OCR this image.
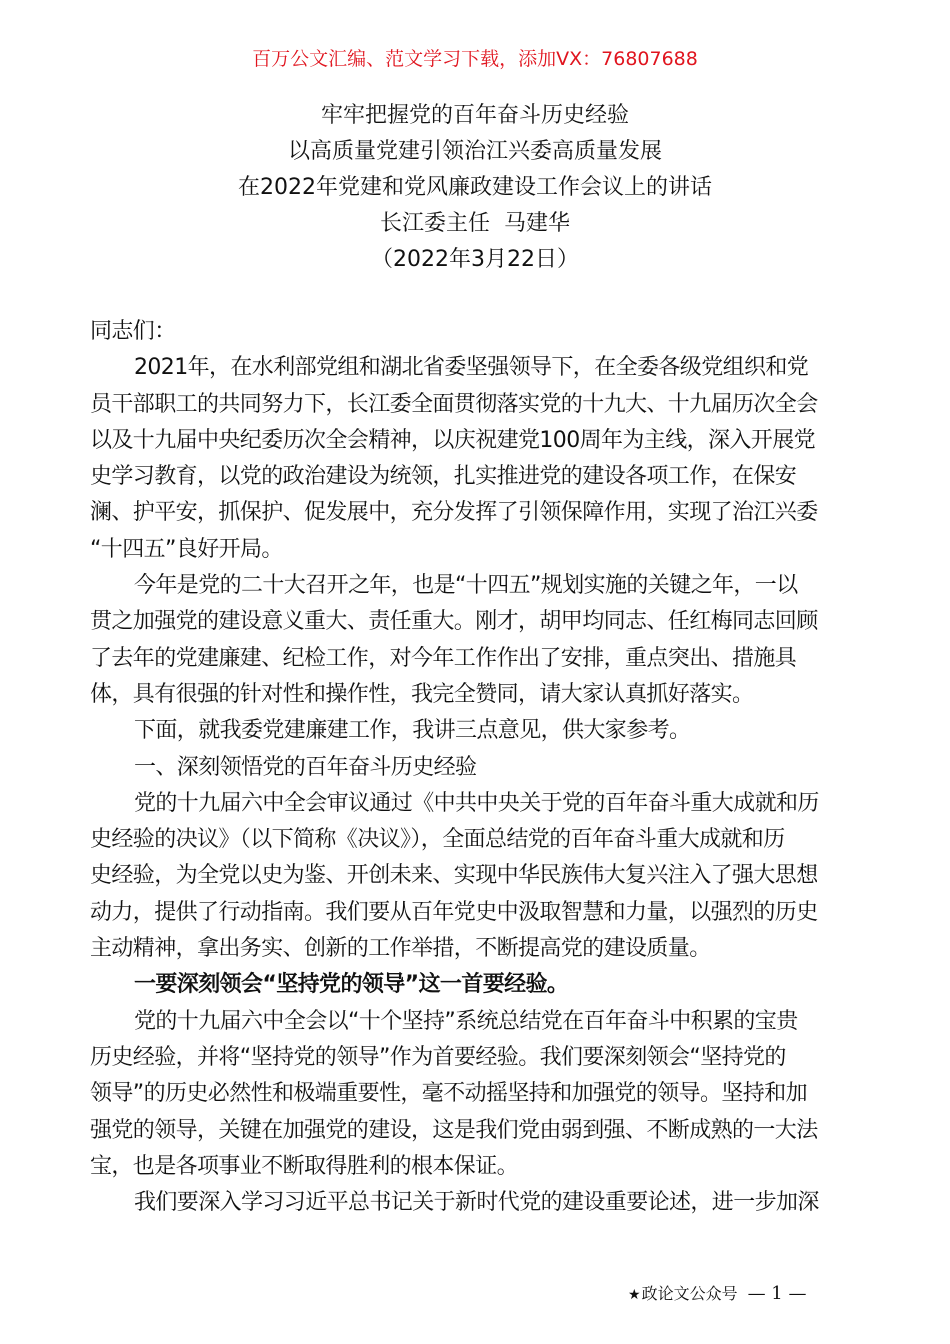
百万公文汇编、范文学习下载，添加VX：76807688
牢牢把握党的百年奋斗历史经验
以高质量党建引领治江兴委高质量发展
在2022年党建和党风廉政建设工作会议上的讲话
长江委主任  马建华
（2022年3月22日）
同志们：
2021年，在水利部党组和湖北省委坚强领导下，在全委各级党组织和党
员干部职工的共同努力下，长江委全面贯彻落实党的十九大、十九届历次全会
以及十九届中央纪委历次全会精神，以庆祝建党100周年为主线，深入开展党
史学习教育，以党的政治建设为统领，扎实推进党的建设各项工作，在保安
澜、护平安，抓保护、促发展中，充分发挥了引领保障作用，实现了治江兴委
“十四五”良好开局。
今年是党的二十大召开之年，也是“十四五”规划实施的关键之年，一以
贯之加强党的建设意义重大、责任重大。刚才，胡甲均同志、任红梅同志回顾
了去年的党建廉建、纪检工作，对今年工作作出了安排，重点突出、措施具
体，具有很强的针对性和操作性，我完全赞同，请大家认真抓好落实。
下面，就我委党建廉建工作，我讲三点意见，供大家参考。
一、深刻领悟党的百年奋斗历史经验
党的十九届六中全会审议通过《中共中央关于党的百年奋斗重大成就和历
史经验的决议》（以下简称《决议》），全面总结党的百年奋斗重大成就和历
史经验，为全党以史为鉴、开创未来、实现中华民族伟大复兴注入了强大思想
动力，提供了行动指南。我们要从百年党史中汲取智慧和力量，以强烈的历史
主动精神，拿出务实、创新的工作举措，不断提高党的建设质量。
一要深刻领会“坚持党的领导”这一首要经验。
党的十九届六中全会以“十个坚持”系统总结党在百年奋斗中积累的宝贵
历史经验，并将“坚持党的领导”作为首要经验。我们要深刻领会“坚持党的
领导”的历史必然性和极端重要性，毫不动摇坚持和加强党的领导。坚持和加
强党的领导，关键在加强党的建设，这是我们党由弱到强、不断成熟的一大法
宝，也是各项事业不断取得胜利的根本保证。
我们要深入学习习近平总书记关于新时代党的建设重要论述，进一步加深
★政论文公众号 — 1 —
